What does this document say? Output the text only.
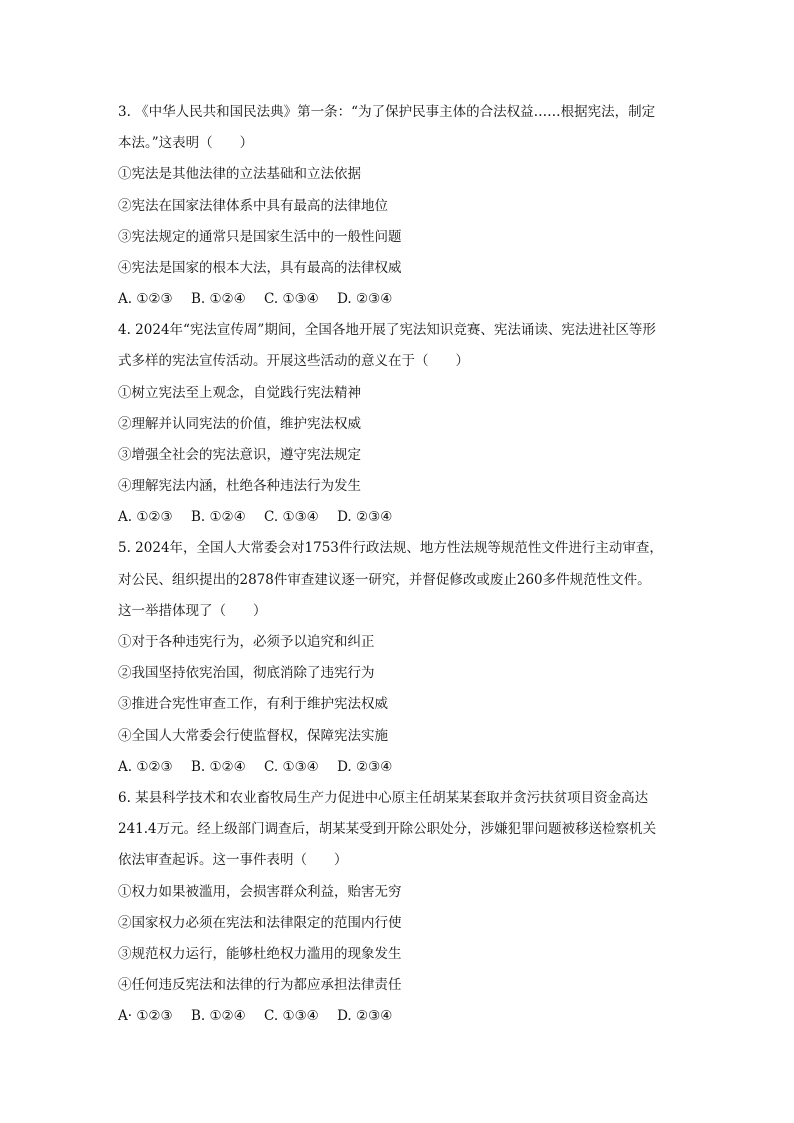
3. 《中华人民共和国民法典》第一条：“为了保护民事主体的合法权益……根据宪法，制定
本法。”这表明（　　）
①宪法是其他法律的立法基础和立法依据
②宪法在国家法律体系中具有最高的法律地位
③宪法规定的通常只是国家生活中的一般性问题
④宪法是国家的根本大法，具有最高的法律权威
A. ①②③ B. ①②④ C. ①③④ D. ②③④
4. 2024年“宪法宣传周”期间，全国各地开展了宪法知识竞赛、宪法诵读、宪法进社区等形
式多样的宪法宣传活动。开展这些活动的意义在于（　　）
①树立宪法至上观念，自觉践行宪法精神
②理解并认同宪法的价值，维护宪法权威
③增强全社会的宪法意识，遵守宪法规定
④理解宪法内涵，杜绝各种违法行为发生
A. ①②③ B. ①②④ C. ①③④ D. ②③④
5. 2024年，全国人大常委会对1753件行政法规、地方性法规等规范性文件进行主动审查，
对公民、组织提出的2878件审查建议逐一研究，并督促修改或废止260多件规范性文件。
这一举措体现了（　　）
①对于各种违宪行为，必须予以追究和纠正
②我国坚持依宪治国，彻底消除了违宪行为
③推进合宪性审查工作，有利于维护宪法权威
④全国人大常委会行使监督权，保障宪法实施
A. ①②③ B. ①②④ C. ①③④ D. ②③④
6. 某县科学技术和农业畜牧局生产力促进中心原主任胡某某套取并贪污扶贫项目资金高达
241.4万元。经上级部门调查后，胡某某受到开除公职处分，涉嫌犯罪问题被移送检察机关
依法审查起诉。这一事件表明（　　）
①权力如果被滥用，会损害群众利益，贻害无穷
②国家权力必须在宪法和法律限定的范围内行使
③规范权力运行，能够杜绝权力滥用的现象发生
④任何违反宪法和法律的行为都应承担法律责任
A· ①②③ B. ①②④ C. ①③④ D. ②③④
